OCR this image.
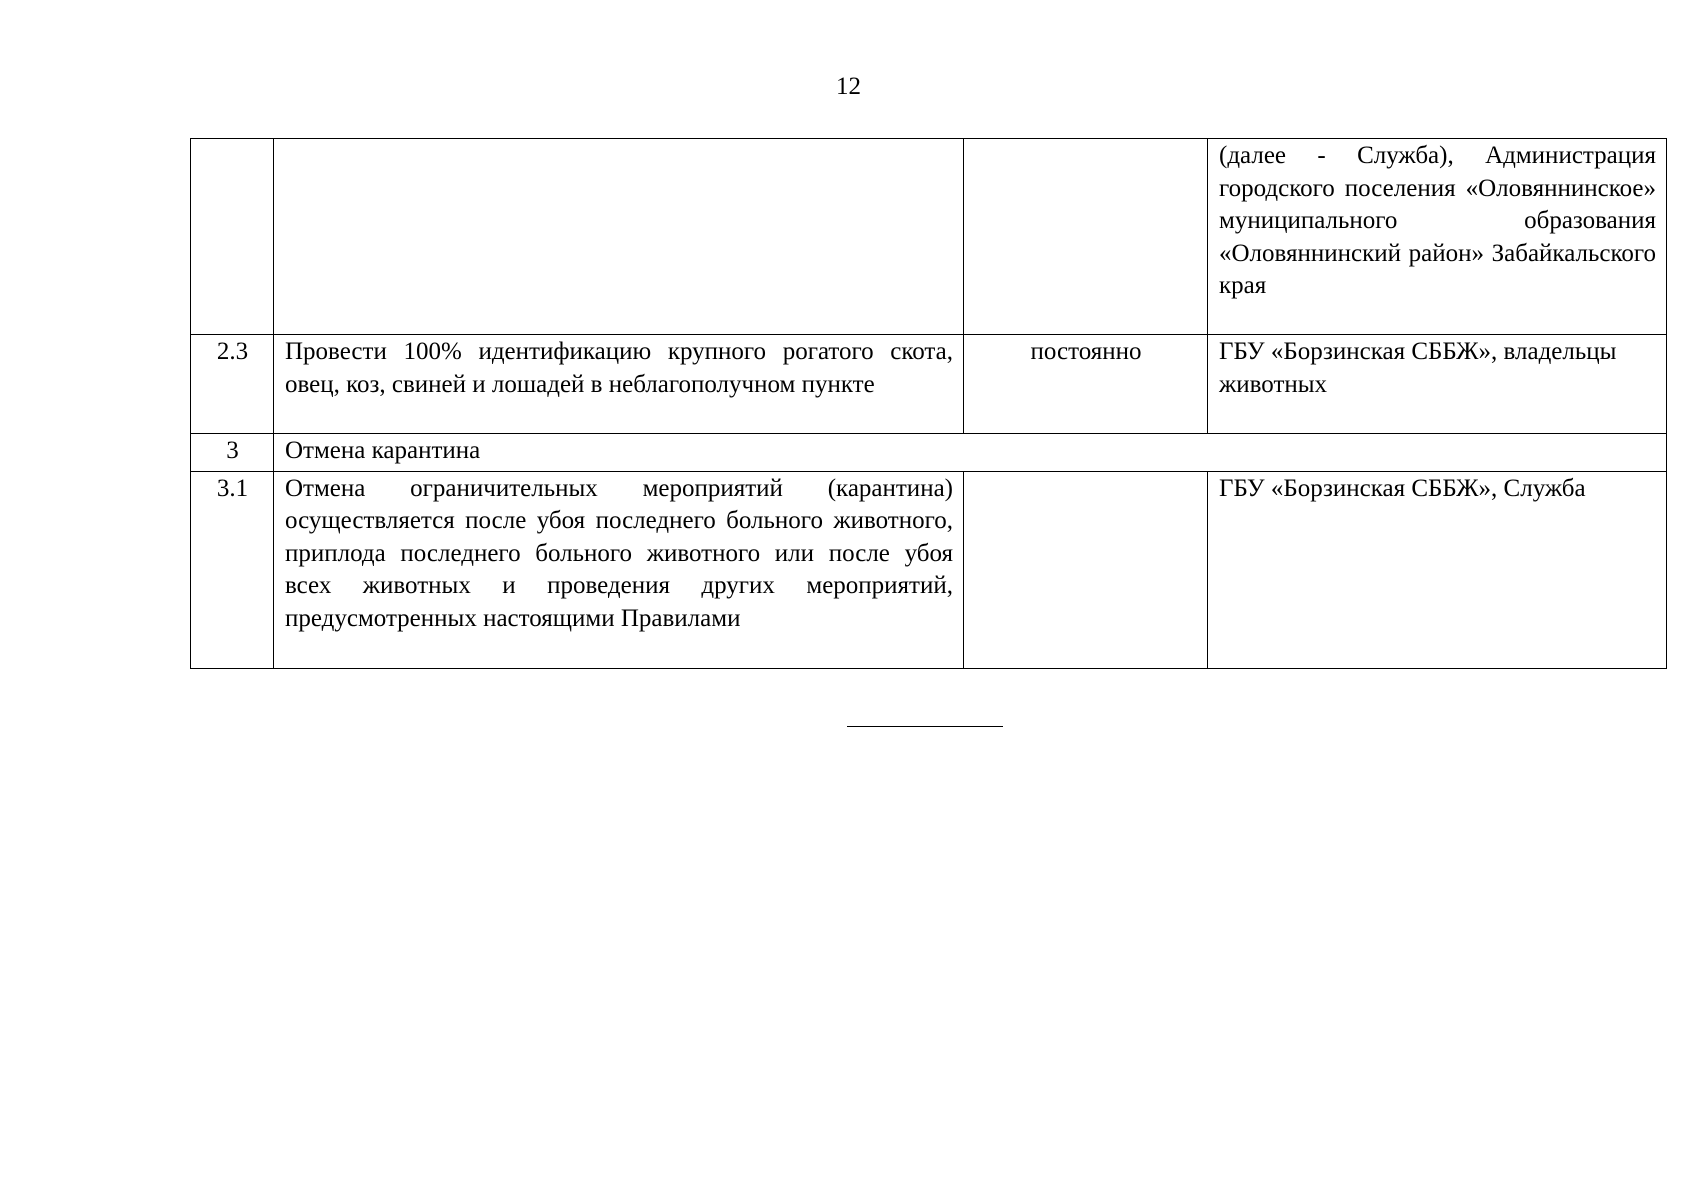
12
			(далее - Служба), Администрация городского поселения «Оловяннинское» муниципального образования «Оловяннинский район» Забайкальского края
2.3	Провести 100% идентификацию крупного рогатого скота, овец, коз, свиней и лошадей в неблагополучном пункте	постоянно	ГБУ «Борзинская СББЖ», владельцы животных
3	Отмена карантина		
3.1	Отмена ограничительных мероприятий (карантина) осуществляется после убоя последнего больного животного, приплода последнего больного животного или после убоя всех животных и проведения других мероприятий, предусмотренных настоящими Правилами		ГБУ «Борзинская СББЖ», Служба
